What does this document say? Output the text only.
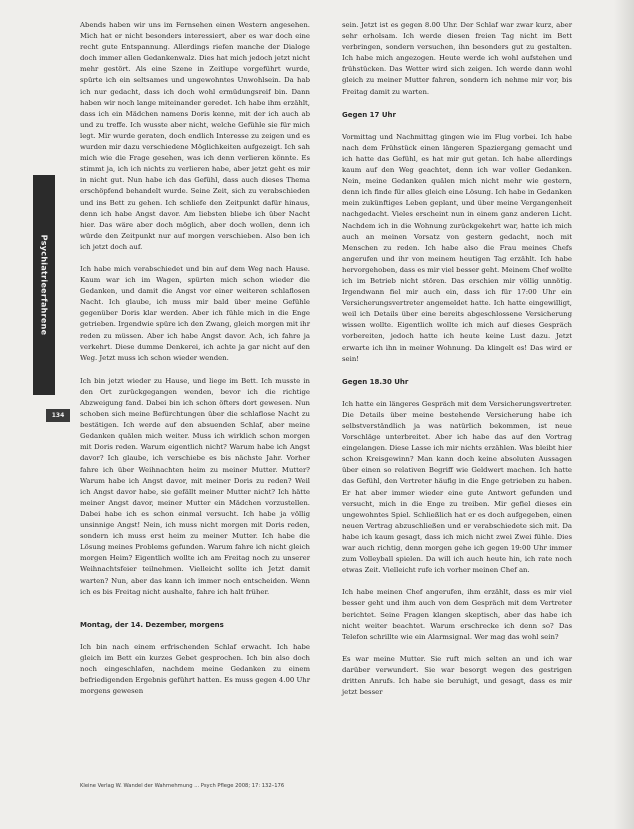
Psychiatrieerfahrene
134

Abends haben wir uns im Fernsehen einen Western angesehen. Mich hat er nicht besonders interessiert, aber es war doch eine recht gute Entspannung. Allerdings riefen manche der Dialoge doch immer allen Gedankenwalz. Dies hat mich jedoch jetzt nicht mehr gestört. Als eine Szene in Zeitlupe vorgeführt wurde, spürte ich ein seltsames und ungewohntes Unwohlsein. Da hab ich nur gedacht, dass ich doch wohl ermüdungsreif bin. Dann haben wir noch lange miteinander geredet. Ich habe ihm erzählt, dass ich ein Mädchen namens Doris kenne, mit der ich auch ab und zu treffe. Ich wusste aber nicht, welche Gefühle sie für mich legt. Mir wurde geraten, doch endlich Interesse zu zeigen und es wurden mir dazu verschiedene Möglichkeiten aufgezeigt. Ich sah mich wie die Frage gesehen, was ich denn verlieren könnte. Es stimmt ja, ich ich nichts zu verlieren habe, aber jetzt geht es mir in nicht gut. Nun habe ich das Gefühl, dass auch dieses Thema erschöpfend behandelt wurde. Seine Zeit, sich zu verabschieden und ins Bett zu gehen. Ich schliefe den Zeitpunkt dafür hinaus, denn ich habe Angst davor. Am liebsten bliebe ich über Nacht hier. Das wäre aber doch möglich, aber doch wollen, denn ich würde den Zeitpunkt nur auf morgen verschieben. Also ben ich ich jetzt doch auf.

Ich habe mich verabschiedet und bin auf dem Weg nach Hause. Kaum war ich im Wagen, spürten mich schon wieder die Gedanken, und damit die Angst vor einer weiteren schlaflosen Nacht. Ich glaube, ich muss mir bald über meine Gefühle gegenüber Doris klar werden. Aber ich fühle mich in die Enge getrieben. Irgendwie spüre ich den Zwang, gleich morgen mit ihr reden zu müssen. Aber ich habe Angst davor. Ach, ich fahre ja verkehrt. Diese dumme Denkerei, ich achte ja gar nicht auf den Weg. Jetzt muss ich schon wieder wenden.

Ich bin jetzt wieder zu Hause, und liege im Bett. Ich musste in den Ort zurückgegangen wenden, bevor ich die richtige Abzweigung fand. Dabei bin ich schon öfters dort gewesen. Nun schoben sich meine Befürchtungen über die schlaflose Nacht zu bestätigen. Ich werde auf den absuenden Schlaf, aber meine Gedanken quälen mich weiter. Muss ich wirklich schon morgen mit Doris reden. Warum eigentlich nicht? Warum habe ich Angst davor? Ich glaube, ich verschiebe es bis nächste Jahr. Vorher fahre ich über Weihnachten heim zu meiner Mutter. Mutter? Warum habe ich Angst davor, mit meiner Doris zu reden? Weil ich Angst davor habe, sie gefällt meiner Mutter nicht? Ich hätte meiner Angst davor, meiner Mutter ein Mädchen vorzustellen. Dabei habe ich es schon einmal versucht. Ich habe ja völlig unsinnige Angst! Nein, ich muss nicht morgen mit Doris reden, sondern ich muss erst heim zu meiner Mutter. Ich habe die Lösung meines Problems gefunden. Warum fahre ich nicht gleich morgen Heim? Eigentlich wollte ich am Freitag noch zu unserer Weihnachtsfeier teilnehmen. Vielleicht sollte ich Jetzt damit warten? Nun, aber das kann ich immer noch entscheiden. Wenn ich es bis Freitag nicht aushalte, fahre ich halt früher.

Montag, der 14. Dezember, morgens

Ich bin nach einem erfrischenden Schlaf erwacht. Ich habe gleich im Bett ein kurzes Gebet gesprochen. Ich bin also doch noch eingeschlafen, nachdem meine Gedanken zu einem befriedigenden Ergebnis geführt hatten. Es muss gegen 4.00 Uhr morgens gewesen

sein. Jetzt ist es gegen 8.00 Uhr. Der Schlaf war zwar kurz, aber sehr erholsam. Ich werde diesen freien Tag nicht im Bett verbringen, sondern versuchen, ihn besonders gut zu gestalten. Ich habe mich angezogen. Heute werde ich wohl aufstehen und frühstücken. Das Wetter wird sich zeigen. Ich werde dann wohl gleich zu meiner Mutter fahren, sondern ich nehme mir vor, bis Freitag damit zu warten.

Gegen 17 Uhr

Vormittag und Nachmittag gingen wie im Flug vorbei. Ich habe nach dem Frühstück einen längeren Spaziergang gemacht und ich hatte das Gefühl, es hat mir gut getan. Ich habe allerdings kaum auf den Weg geachtet, denn ich war voller Gedanken. Nein, meine Gedanken quälen mich nicht mehr wie gestern, denn ich finde für alles gleich eine Lösung. Ich habe in Gedanken mein zukünftiges Leben geplant, und über meine Vergangenheit nachgedacht. Vieles erscheint nun in einem ganz anderen Licht. Nachdem ich in die Wohnung zurückgekehrt war, hatte ich mich auch an meinen Vorsatz von gestern gedacht, noch mit Menschen zu reden. Ich habe also die Frau meines Chefs angerufen und ihr von meinem heutigen Tag erzählt. Ich habe hervorgehoben, dass es mir viel besser geht. Meinem Chef wollte ich im Betrieb nicht stören. Das erschien mir völlig unnötig. Irgendwann fiel mir auch ein, dass ich für 17:00 Uhr ein Versicherungsvertreter angemeldet hatte. Ich hatte eingewilligt, weil ich Details über eine bereits abgeschlossene Versicherung wissen wollte. Eigentlich wollte ich mich auf dieses Gespräch vorbereiten, jedoch hatte ich heute keine Lust dazu. Jetzt erwarte ich ihn in meiner Wohnung. Da klingelt es! Das wird er sein!

Gegen 18.30 Uhr

Ich hatte ein längeres Gespräch mit dem Versicherungsvertreter. Die Details über meine bestehende Versicherung habe ich selbstverständlich ja was natürlich bekommen, ist neue Vorschläge unterbreitet. Aber ich habe das auf den Vortrag eingelangen. Diese Lasse ich mir nichts erzählen. Was bleibt hier schon Kreisgewinn? Man kann doch keine absoluten Aussagen über einen so relativen Begriff wie Geldwert machen. Ich hatte das Gefühl, den Vertreter häufig in die Enge getrieben zu haben. Er hat aber immer wieder eine gute Antwort gefunden und versucht, mich in die Enge zu treiben. Mir gefiel dieses ein ungewohntes Spiel. Schließlich hat er es doch aufgegeben, einen neuen Vertrag abzuschließen und er verabschiedete sich mit. Da habe ich kaum gesagt, dass ich mich nicht zwei Zwei fühle. Dies war auch richtig, denn morgen gehe ich gegen 19:00 Uhr immer zum Volleyball spielen. Da will ich auch heute hin, ich rate noch etwas Zeit. Vielleicht rufe ich vorher meinen Chef an.

Ich habe meinen Chef angerufen, ihm erzählt, dass es mir viel besser geht und ihm auch von dem Gespräch mit dem Vertreter berichtet. Seine Fragen klangen skeptisch, aber das habe ich nicht weiter beachtet. Warum erschrecke ich denn so? Das Telefon schrillte wie ein Alarmsignal. Wer mag das wohl sein?

Es war meine Mutter. Sie ruft mich selten an und ich war darüber verwundert. Sie war besorgt wegen des gestrigen dritten Anrufs. Ich habe sie beruhigt, und gesagt, dass es mir jetzt besser

Kleine Verlag W. Wandel der Wahrnehmung ... Psych Pflege 2008; 17: 132–176
